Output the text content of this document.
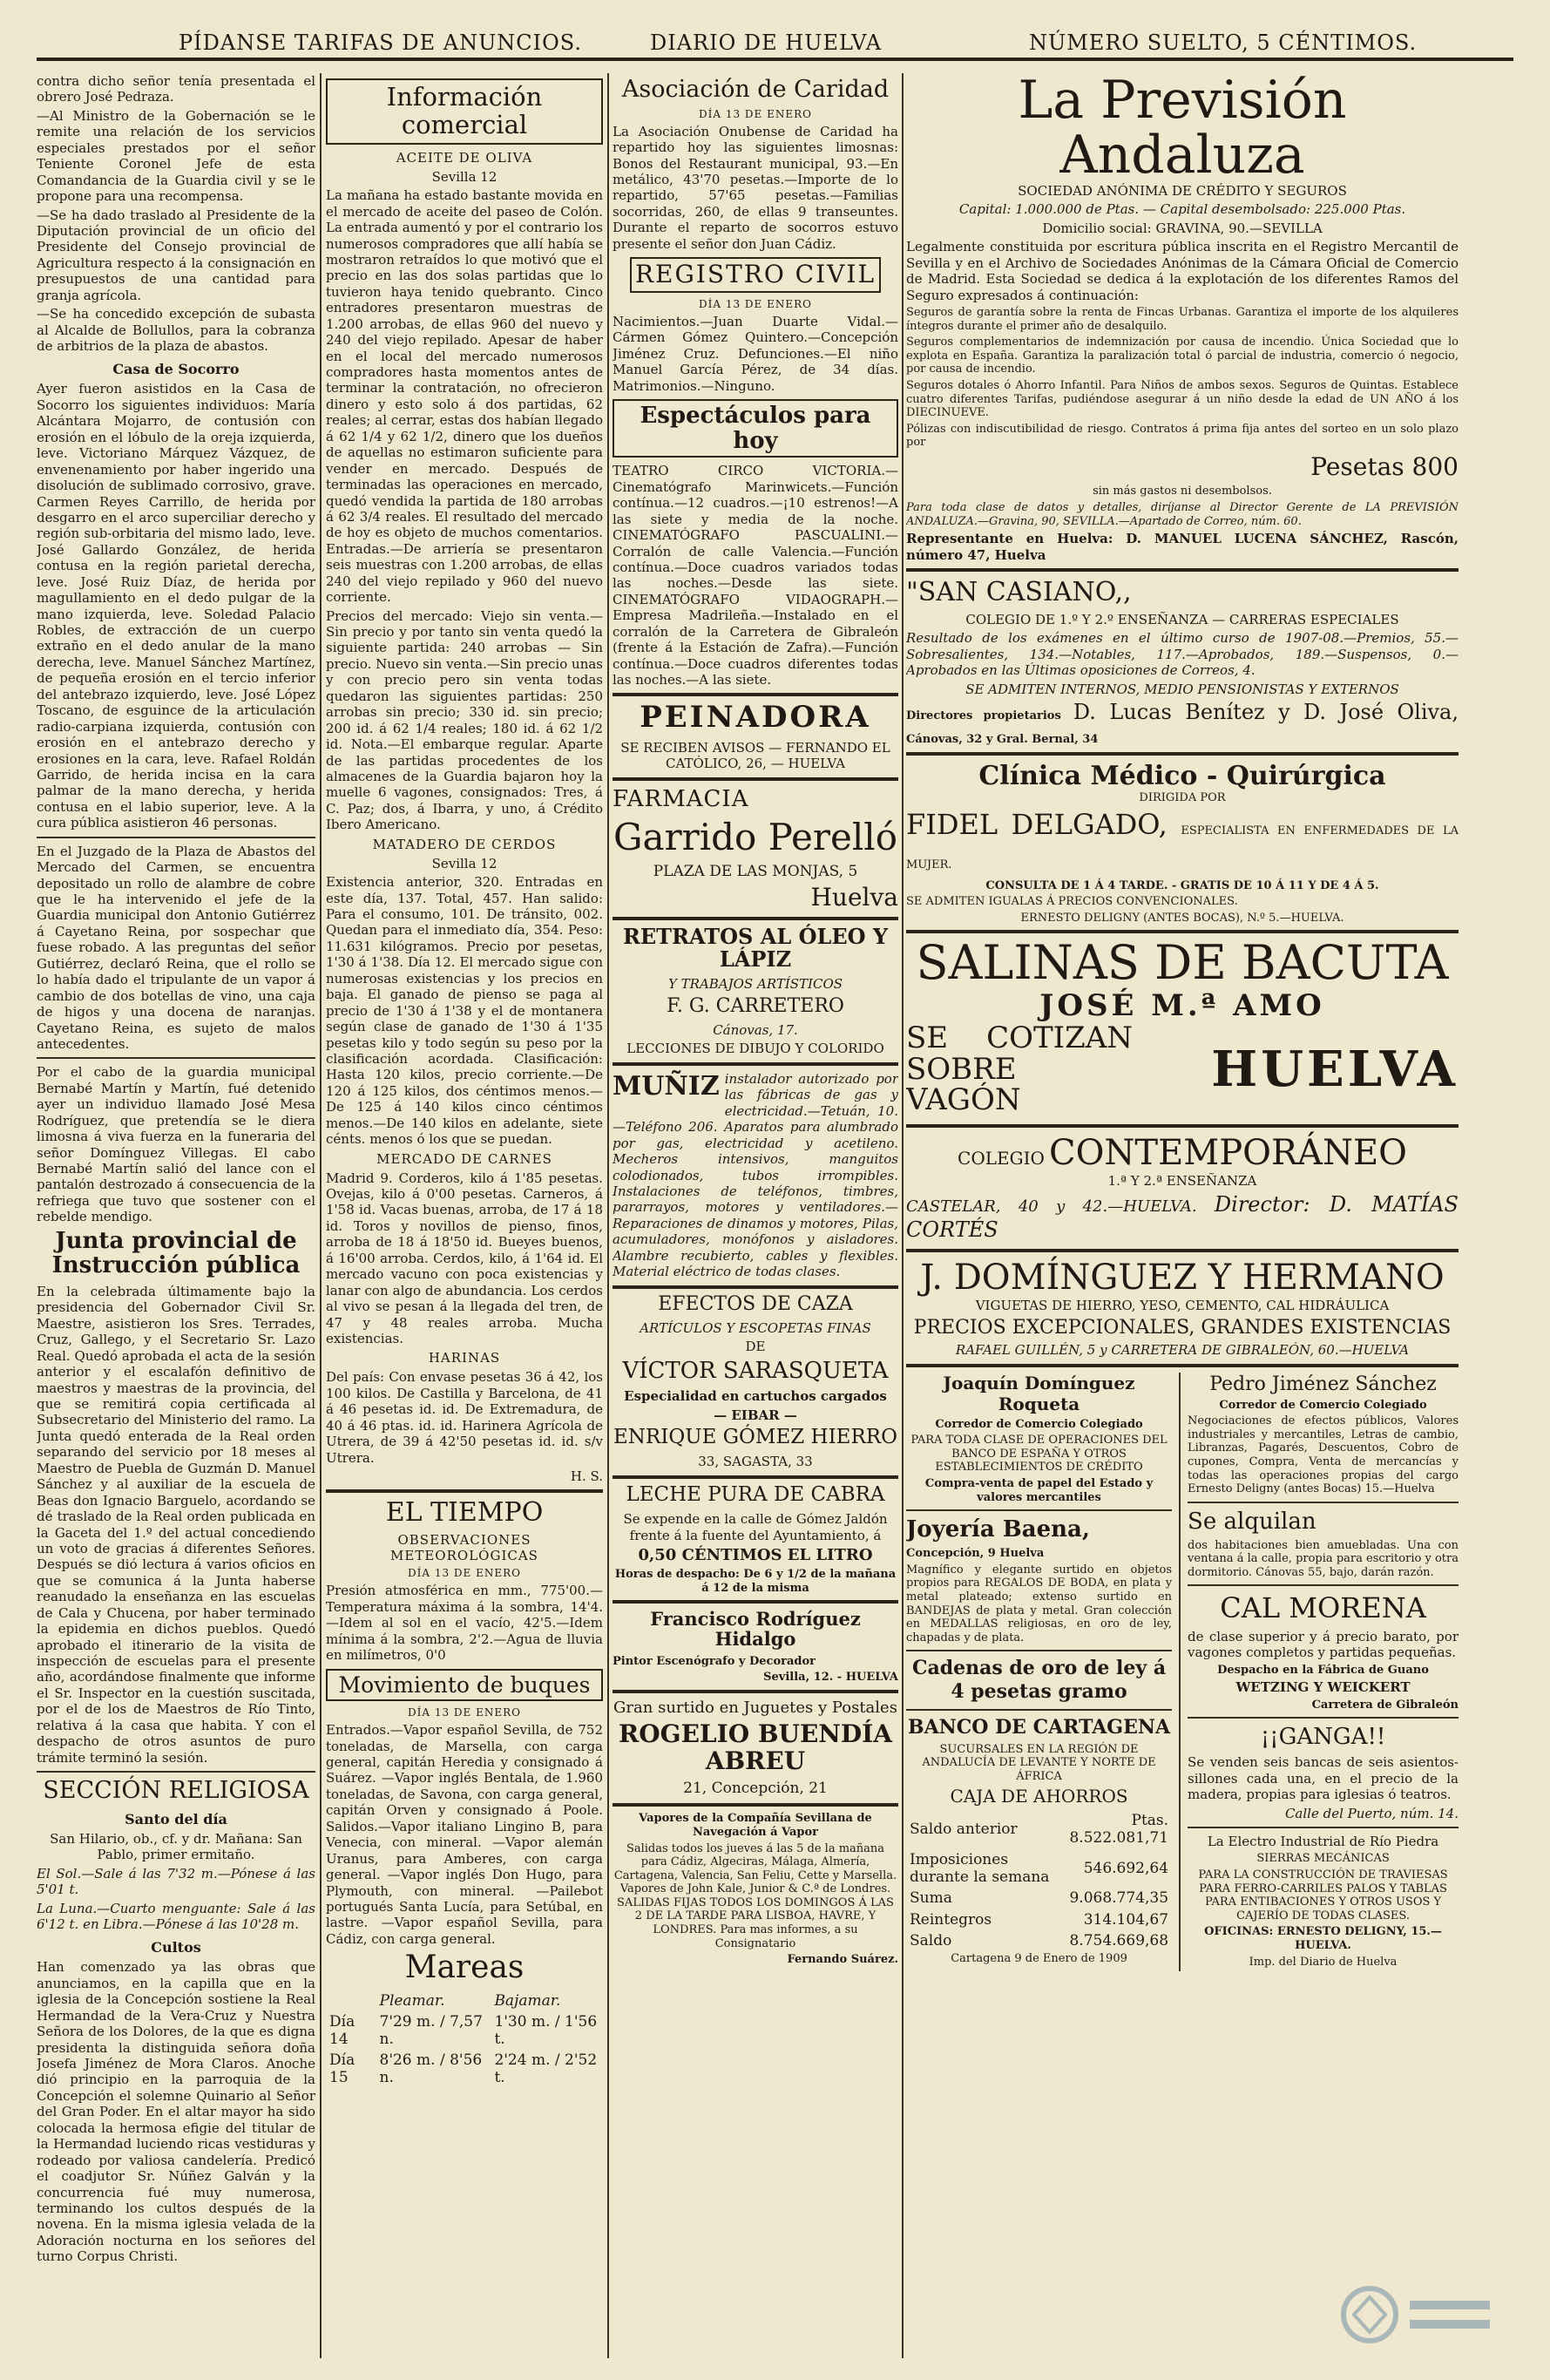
PÍDANSE TARIFAS DE ANUNCIOS.	DIARIO DE HUELVA	NÚMERO SUELTO, 5 CÉNTIMOS.

contra dicho señor tenía presentada el obrero José Pedraza.

—Al Ministro de la Gobernación se le remite una relación de los servicios especiales prestados por el señor Teniente Coronel Jefe de esta Comandancia de la Guardia civil y se le propone para una recompensa.

—Se ha dado traslado al Presidente de la Diputación provincial de un oficio del Presidente del Consejo provincial de Agricultura respecto á la consignación en presupuestos de una cantidad para granja agrícola.

—Se ha concedido excepción de subasta al Alcalde de Bollullos, para la cobranza de arbitrios de la plaza de abastos.

Casa de Socorro

Ayer fueron asistidos en la Casa de Socorro los siguientes individuos: María Alcántara Mojarro, de contusión con erosión en el lóbulo de la oreja izquierda, leve. Victoriano Márquez Vázquez, de envenenamiento por haber ingerido una disolución de sublimado corrosivo, grave. Carmen Reyes Carrillo, de herida por desgarro en el arco superciliar derecho y región sub-orbitaria del mismo lado, leve. José Gallardo González, de herida contusa en la región parietal derecha, leve. José Ruiz Díaz, de herida por magullamiento en el dedo pulgar de la mano izquierda, leve. Soledad Palacio Robles, de extracción de un cuerpo extraño en el dedo anular de la mano derecha, leve. Manuel Sánchez Martínez, de pequeña erosión en el tercio inferior del antebrazo izquierdo, leve. José López Toscano, de esguince de la articulación radio-carpiana izquierda, contusión con erosión en el antebrazo derecho y erosiones en la cara, leve. Rafael Roldán Garrido, de herida incisa en la cara palmar de la mano derecha, y herida contusa en el labio superior, leve. A la cura pública asistieron 46 personas.

En el Juzgado de la Plaza de Abastos del Mercado del Carmen, se encuentra depositado un rollo de alambre de cobre que le ha intervenido el jefe de la Guardia municipal don Antonio Gutiérrez á Cayetano Reina, por sospechar que fuese robado. A las preguntas del señor Gutiérrez, declaró Reina, que el rollo se lo había dado el tripulante de un vapor á cambio de dos botellas de vino, una caja de higos y una docena de naranjas. Cayetano Reina, es sujeto de malos antecedentes.

Por el cabo de la guardia municipal Bernabé Martín y Martín, fué detenido ayer un individuo llamado José Mesa Rodríguez, que pretendía se le diera limosna á viva fuerza en la funeraria del señor Domínguez Villegas. El cabo Bernabé Martín salió del lance con el pantalón destrozado á consecuencia de la refriega que tuvo que sostener con el rebelde mendigo.

Junta provincial de Instrucción pública

En la celebrada últimamente bajo la presidencia del Gobernador Civil Sr. Maestre, asistieron los Sres. Terrades, Cruz, Gallego, y el Secretario Sr. Lazo Real. Quedó aprobada el acta de la sesión anterior y el escalafón definitivo de maestros y maestras de la provincia, del que se remitirá copia certificada al Subsecretario del Ministerio del ramo. La Junta quedó enterada de la Real orden separando del servicio por 18 meses al Maestro de Puebla de Guzmán D. Manuel Sánchez y al auxiliar de la escuela de Beas don Ignacio Barguelo, acordando se dé traslado de la Real orden publicada en la Gaceta del 1.º del actual concediendo un voto de gracias á diferentes Señores. Después se dió lectura á varios oficios en que se comunica á la Junta haberse reanudado la enseñanza en las escuelas de Cala y Chucena, por haber terminado la epidemia en dichos pueblos. Quedó aprobado el itinerario de la visita de inspección de escuelas para el presente año, acordándose finalmente que informe el Sr. Inspector en la cuestión suscitada, por el de los de Maestros de Río Tinto, relativa á la casa que habita. Y con el despacho de otros asuntos de puro trámite terminó la sesión.

SECCIÓN RELIGIOSA
Santo del día

San Hilario, ob., cf. y dr. Mañana: San Pablo, primer ermitaño.

El Sol.—Sale á las 7'32 m.—Pónese á las 5'01 t.

La Luna.—Cuarto menguante: Sale á las 6'12 t. en Libra.—Pónese á las 10'28 m.

Cultos

Han comenzado ya las obras que anunciamos, en la capilla que en la iglesia de la Concepción sostiene la Real Hermandad de la Vera-Cruz y Nuestra Señora de los Dolores, de la que es digna presidenta la distinguida señora doña Josefa Jiménez de Mora Claros. Anoche dió principio en la parroquia de la Concepción el solemne Quinario al Señor del Gran Poder. En el altar mayor ha sido colocada la hermosa efigie del titular de la Hermandad luciendo ricas vestiduras y rodeado por valiosa candelería. Predicó el coadjutor Sr. Núñez Galván y la concurrencia fué muy numerosa, terminando los cultos después de la novena. En la misma iglesia velada de la Adoración nocturna en los señores del turno Corpus Christi.

Información comercial
ACEITE DE OLIVA
Sevilla 12

La mañana ha estado bastante movida en el mercado de aceite del paseo de Colón. La entrada aumentó y por el contrario los numerosos compradores que allí había se mostraron retraídos lo que motivó que el precio en las dos solas partidas que lo tuvieron haya tenido quebranto. Cinco entradores presentaron muestras de 1.200 arrobas, de ellas 960 del nuevo y 240 del viejo repilado. Apesar de haber en el local del mercado numerosos compradores hasta momentos antes de terminar la contratación, no ofrecieron dinero y esto solo á dos partidas, 62 reales; al cerrar, estas dos habían llegado á 62 1/4 y 62 1/2, dinero que los dueños de aquellas no estimaron suficiente para vender en mercado. Después de terminadas las operaciones en mercado, quedó vendida la partida de 180 arrobas á 62 3/4 reales. El resultado del mercado de hoy es objeto de muchos comentarios. Entradas.—De arriería se presentaron seis muestras con 1.200 arrobas, de ellas 240 del viejo repilado y 960 del nuevo corriente.

Precios del mercado: Viejo sin venta.—Sin precio y por tanto sin venta quedó la siguiente partida: 240 arrobas — Sin precio. Nuevo sin venta.—Sin precio unas y con precio pero sin venta todas quedaron las siguientes partidas: 250 arrobas sin precio; 330 id. sin precio; 200 id. á 62 1/4 reales; 180 id. á 62 1/2 id. Nota.—El embarque regular. Aparte de las partidas procedentes de los almacenes de la Guardia bajaron hoy la muelle 6 vagones, consignados: Tres, á C. Paz; dos, á Ibarra, y uno, á Crédito Ibero Americano.

MATADERO DE CERDOS
Sevilla 12

Existencia anterior, 320. Entradas en este día, 137. Total, 457. Han salido: Para el consumo, 101. De tránsito, 002. Quedan para el inmediato día, 354. Peso: 11.631 kilógramos. Precio por pesetas, 1'30 á 1'38. Día 12. El mercado sigue con numerosas existencias y los precios en baja. El ganado de pienso se paga al precio de 1'30 á 1'38 y el de montanera según clase de ganado de 1'30 á 1'35 pesetas kilo y todo según su peso por la clasificación acordada. Clasificación: Hasta 120 kilos, precio corriente.—De 120 á 125 kilos, dos céntimos menos.—De 125 á 140 kilos cinco céntimos menos.—De 140 kilos en adelante, siete cénts. menos ó los que se puedan.

MERCADO DE CARNES

Madrid 9. Corderos, kilo á 1'85 pesetas. Ovejas, kilo á 0'00 pesetas. Carneros, á 1'58 id. Vacas buenas, arroba, de 17 á 18 id. Toros y novillos de pienso, finos, arroba de 18 á 18'50 id. Bueyes buenos, á 16'00 arroba. Cerdos, kilo, á 1'64 id. El mercado vacuno con poca existencias y lanar con algo de abundancia. Los cerdos al vivo se pesan á la llegada del tren, de 47 y 48 reales arroba. Mucha existencias.

HARINAS

Del país: Con envase pesetas 36 á 42, los 100 kilos. De Castilla y Barcelona, de 41 á 46 pesetas id. id. De Extremadura, de 40 á 46 ptas. id. id. Harinera Agrícola de Utrera, de 39 á 42'50 pesetas id. id. s/v Utrera.

H. S.
EL TIEMPO
OBSERVACIONES METEOROLÓGICAS
DÍA 13 DE ENERO

Presión atmosférica en mm., 775'00.—Temperatura máxima á la sombra, 14'4.—Idem al sol en el vacío, 42'5.—Idem mínima á la sombra, 2'2.—Agua de lluvia en milímetros, 0'0

Movimiento de buques
DÍA 13 DE ENERO

Entrados.—Vapor español Sevilla, de 752 toneladas, de Marsella, con carga general, capitán Heredia y consignado á Suárez. —Vapor inglés Bentala, de 1.960 toneladas, de Savona, con carga general, capitán Orven y consignado á Poole. Salidos.—Vapor italiano Lingino B, para Venecia, con mineral. —Vapor alemán Uranus, para Amberes, con carga general. —Vapor inglés Don Hugo, para Plymouth, con mineral. —Pailebot portugués Santa Lucía, para Setúbal, en lastre. —Vapor español Sevilla, para Cádiz, con carga general.

Mareas
	Pleamar.	Bajamar.
Día 14	7'29 m. / 7,57 n.	1'30 m. / 1'56 t.
Día 15	8'26 m. / 8'56 n.	2'24 m. / 2'52 t.
Asociación de Caridad
DÍA 13 DE ENERO

La Asociación Onubense de Caridad ha repartido hoy las siguientes limosnas: Bonos del Restaurant municipal, 93.—En metálico, 43'70 pesetas.—Importe de lo repartido, 57'65 pesetas.—Familias socorridas, 260, de ellas 9 transeuntes. Durante el reparto de socorros estuvo presente el señor don Juan Cádiz.

REGISTRO CIVIL
DÍA 13 DE ENERO

Nacimientos.—Juan Duarte Vidal.—Cármen Gómez Quintero.—Concepción Jiménez Cruz. Defunciones.—El niño Manuel García Pérez, de 34 días. Matrimonios.—Ninguno.

Espectáculos para hoy

TEATRO CIRCO VICTORIA.—Cinematógrafo Marinwicets.—Función contínua.—12 cuadros.—¡10 estrenos!—A las siete y media de la noche. CINEMATÓGRAFO PASCUALINI.—Corralón de calle Valencia.—Función contínua.—Doce cuadros variados todas las noches.—Desde las siete. CINEMATÓGRAFO VIDAOGRAPH.—Empresa Madrileña.—Instalado en el corralón de la Carretera de Gibraleón (frente á la Estación de Zafra).—Función contínua.—Doce cuadros diferentes todas las noches.—A las siete.

PEINADORA

SE RECIBEN AVISOS — FERNANDO EL CATÓLICO, 26, — HUELVA

FARMACIA
Garrido Perelló
PLAZA DE LAS MONJAS, 5
Huelva
RETRATOS AL ÓLEO Y LÁPIZ
Y TRABAJOS ARTÍSTICOS
F. G. CARRETERO
Cánovas, 17.
LECCIONES DE DIBUJO Y COLORIDO
MUÑIZ instalador autorizado por las fábricas de gas y electricidad.—Tetuán, 10.—Teléfono 206. Aparatos para alumbrado por gas, electricidad y acetileno. Mecheros intensivos, manguitos colodionados, tubos irrompibles. Instalaciones de teléfonos, timbres, pararrayos, motores y ventiladores.—Reparaciones de dinamos y motores, Pilas, acumuladores, monófonos y aisladores. Alambre recubierto, cables y flexibles. Material eléctrico de todas clases.

EFECTOS DE CAZA
ARTÍCULOS Y ESCOPETAS FINAS
DE
VÍCTOR SARASQUETA
Especialidad en cartuchos cargados
— EIBAR —
ENRIQUE GÓMEZ HIERRO
33, SAGASTA, 33
LECHE PURA DE CABRA

Se expende en la calle de Gómez Jaldón frente á la fuente del Ayuntamiento, á

0,50 CÉNTIMOS EL LITRO
Horas de despacho: De 6 y 1/2 de la mañana á 12 de la misma
Francisco Rodríguez Hidalgo
Pintor Escenógrafo y Decorador
Sevilla, 12. - HUELVA
Gran surtido en Juguetes y Postales
ROGELIO BUENDÍA ABREU
21, Concepción, 21
Vapores de la Compañía Sevillana de Navegación á Vapor

Salidas todos los jueves á las 5 de la mañana para Cádiz, Algeciras, Málaga, Almería, Cartagena, Valencia, San Feliu, Cette y Marsella. Vapores de John Kale, Junior & C.ª de Londres. SALIDAS FIJAS TODOS LOS DOMINGOS Á LAS 2 DE LA TARDE PARA LISBOA, HAVRE, Y LONDRES. Para mas informes, a su Consignatario

Fernando Suárez.
La Previsión Andaluza
SOCIEDAD ANÓNIMA DE CRÉDITO Y SEGUROS
Capital: 1.000.000 de Ptas. — Capital desembolsado: 225.000 Ptas.
Domicilio social: GRAVINA, 90.—SEVILLA

Legalmente constituida por escritura pública inscrita en el Registro Mercantil de Sevilla y en el Archivo de Sociedades Anónimas de la Cámara Oficial de Comercio de Madrid. Esta Sociedad se dedica á la explotación de los diferentes Ramos del Seguro expresados á continuación:

Seguros de garantía sobre la renta de Fincas Urbanas. Garantiza el importe de los alquileres íntegros durante el primer año de desalquilo.

Seguros complementarios de indemnización por causa de incendio. Única Sociedad que lo explota en España. Garantiza la paralización total ó parcial de industria, comercio ó negocio, por causa de incendio.

Seguros dotales ó Ahorro Infantil. Para Niños de ambos sexos. Seguros de Quintas. Establece cuatro diferentes Tarifas, pudiéndose asegurar á un niño desde la edad de UN AÑO á los DIECINUEVE.

Pólizas con indiscutibilidad de riesgo. Contratos á prima fija antes del sorteo en un solo plazo por

Pesetas 800
sin más gastos ni desembolsos.

Para toda clase de datos y detalles, diríjanse al Director Gerente de LA PREVISIÓN ANDALUZA.—Gravina, 90, SEVILLA.—Apartado de Correo, núm. 60.

Representante en Huelva: D. MANUEL LUCENA SÁNCHEZ, Rascón, número 47, Huelva
"SAN CASIANO,,
COLEGIO DE 1.º Y 2.º ENSEÑANZA — CARRERAS ESPECIALES

Resultado de los exámenes en el último curso de 1907-08.—Premios, 55.—Sobresalientes, 134.—Notables, 117.—Aprobados, 189.—Suspensos, 0.—Aprobados en las Últimas oposiciones de Correos, 4.

SE ADMITEN INTERNOS, MEDIO PENSIONISTAS Y EXTERNOS
Directores propietarios D. Lucas Benítez y D. José Oliva, Cánovas, 32 y Gral. Bernal, 34
Clínica Médico - Quirúrgica
DIRIGIDA POR
FIDEL DELGADO, ESPECIALISTA EN ENFERMEDADES DE LA MUJER.
CONSULTA DE 1 Á 4 TARDE. - GRATIS DE 10 Á 11 Y DE 4 Á 5.
SE ADMITEN IGUALAS Á PRECIOS CONVENCIONALES.
ERNESTO DELIGNY (ANTES BOCAS), N.º 5.—HUELVA.
SALINAS DE BACUTA
JOSÉ M.ª AMO
SE COTIZAN SOBRE VAGÓN
HUELVA
COLEGIO CONTEMPORÁNEO
1.ª Y 2.ª ENSEÑANZA
CASTELAR, 40 y 42.—HUELVA. Director: D. MATÍAS CORTÉS
J. DOMÍNGUEZ Y HERMANO
VIGUETAS DE HIERRO, YESO, CEMENTO, CAL HIDRÁULICA
PRECIOS EXCEPCIONALES, GRANDES EXISTENCIAS
RAFAEL GUILLÉN, 5 y CARRETERA DE GIBRALEÓN, 60.—HUELVA
Joaquín Domínguez Roqueta
Corredor de Comercio Colegiado

PARA TODA CLASE DE OPERACIONES DEL BANCO DE ESPAÑA Y OTROS ESTABLECIMIENTOS DE CRÉDITO

Compra-venta de papel del Estado y valores mercantiles
Joyería Baena,
Concepción, 9 Huelva

Magnífico y elegante surtido en objetos propios para REGALOS DE BODA, en plata y metal plateado; extenso surtido en BANDEJAS de plata y metal. Gran colección en MEDALLAS religiosas, en oro de ley, chapadas y de plata.

Cadenas de oro de ley á 4 pesetas gramo
BANCO DE CARTAGENA
SUCURSALES EN LA REGIÓN DE ANDALUCÍA DE LEVANTE Y NORTE DE ÁFRICA
CAJA DE AHORROS
Saldo anterior	Ptas. 8.522.081,71
Imposiciones durante la semana	546.692,64
Suma	9.068.774,35
Reintegros	314.104,67
Saldo	8.754.669,68
Cartagena 9 de Enero de 1909
Pedro Jiménez Sánchez
Corredor de Comercio Colegiado

Negociaciones de efectos públicos, Valores industriales y mercantiles, Letras de cambio, Libranzas, Pagarés, Descuentos, Cobro de cupones, Compra, Venta de mercancías y todas las operaciones propias del cargo Ernesto Deligny (antes Bocas) 15.—Huelva

Se alquilan

dos habitaciones bien amuebladas. Una con ventana á la calle, propia para escritorio y otra dormitorio. Cánovas 55, bajo, darán razón.

CAL MORENA

de clase superior y á precio barato, por vagones completos y partidas pequeñas.

Despacho en la Fábrica de Guano
WETZING Y WEICKERT
Carretera de Gibraleón
¡¡GANGA!!

Se venden seis bancas de seis asientos-sillones cada una, en el precio de la madera, propias para iglesias ó teatros.

Calle del Puerto, núm. 14.
La Electro Industrial de Río Piedra
SIERRAS MECÁNICAS

PARA LA CONSTRUCCIÓN DE TRAVIESAS PARA FERRO-CARRILES PALOS Y TABLAS PARA ENTIBACIONES Y OTROS USOS Y CAJERÍO DE TODAS CLASES.

OFICINAS: ERNESTO DELIGNY, 15.—HUELVA.
Imp. del Diario de Huelva
